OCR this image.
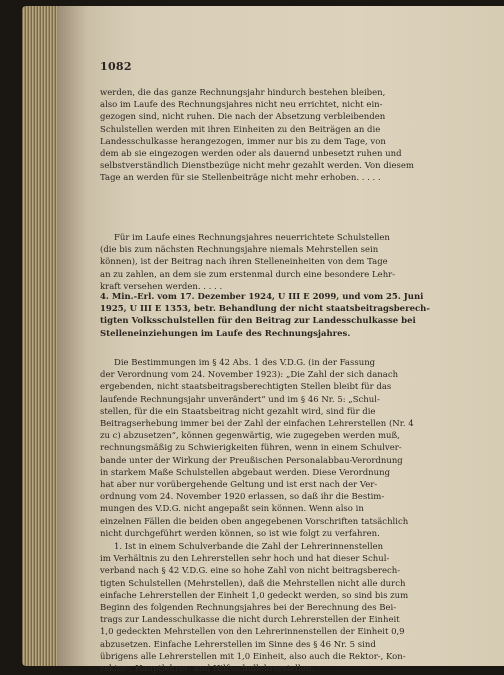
1082
werden, die das ganze Rechnungsjahr hindurch bestehen bleiben,
also im Laufe des Rechnungsjahres nicht neu errichtet, nicht ein-
gezogen sind, nicht ruhen. Die nach der Absetzung verbleibenden
Schulstellen werden mit ihren Einheiten zu den Beiträgen an die
Landesschulkasse herangezogen, immer nur bis zu dem Tage, von
dem ab sie eingezogen werden oder als dauernd unbesetzt ruhen und
selbstverständlich Dienstbezüge nicht mehr gezahlt werden. Von diesem
Tage an werden für sie Stellenbeiträge nicht mehr erhoben. . . . .
Für im Laufe eines Rechnungsjahres neuerrichtete Schulstellen
(die bis zum nächsten Rechnungsjahre niemals Mehrstellen sein
können), ist der Beitrag nach ihren Stelleneinheiten von dem Tage
an zu zahlen, an dem sie zum erstenmal durch eine besondere Lehr-
kraft versehen werden. . . . .
4. Min.-Erl. vom 17. Dezember 1924, U III E 2099, und vom 25. Juni
1925, U III E 1353, betr. Behandlung der nicht staatsbeitragsberech-
tigten Volksschulstellen für den Beitrag zur Landesschulkasse bei
Stelleneinziehungen im Laufe des Rechnungsjahres.
Die Bestimmungen im § 42 Abs. 1 des V.D.G. (in der Fassung
der Verordnung vom 24. November 1923): „Die Zahl der sich danach
ergebenden, nicht staatsbeitragsberechtigten Stellen bleibt für das
laufende Rechnungsjahr unverändert“ und im § 46 Nr. 5: „Schul-
stellen, für die ein Staatsbeitrag nicht gezahlt wird, sind für die
Beitragserhebung immer bei der Zahl der einfachen Lehrerstellen (Nr. 4
zu c) abzusetzen“, können gegenwärtig, wie zugegeben werden muß,
rechnungsmäßig zu Schwierigkeiten führen, wenn in einem Schulver-
bande unter der Wirkung der Preußischen Personalabbau-Verordnung
in starkem Maße Schulstellen abgebaut werden. Diese Verordnung
hat aber nur vorübergehende Geltung und ist erst nach der Ver-
ordnung vom 24. November 1920 erlassen, so daß ihr die Bestim-
mungen des V.D.G. nicht angepaßt sein können. Wenn also in
einzelnen Fällen die beiden oben angegebenen Vorschriften tatsächlich
nicht durchgeführt werden können, so ist wie folgt zu verfahren.
1. Ist in einem Schulverbande die Zahl der Lehrerinnenstellen
im Verhältnis zu den Lehrerstellen sehr hoch und hat dieser Schul-
verband nach § 42 V.D.G. eine so hohe Zahl von nicht beitragsberech-
tigten Schulstellen (Mehrstellen), daß die Mehrstellen nicht alle durch
einfache Lehrerstellen der Einheit 1,0 gedeckt werden, so sind bis zum
Beginn des folgenden Rechnungsjahres bei der Berechnung des Bei-
trags zur Landesschulkasse die nicht durch Lehrerstellen der Einheit
1,0 gedeckten Mehrstellen von den Lehrerinnenstellen der Einheit 0,9
abzusetzen. Einfache Lehrerstellen im Sinne des § 46 Nr. 5 sind
übrigens alle Lehrerstellen mit 1,0 Einheit, also auch die Rektor-, Kon-
rektor-, Hauptlehrer- und Hilfsschullehrerstellen.
